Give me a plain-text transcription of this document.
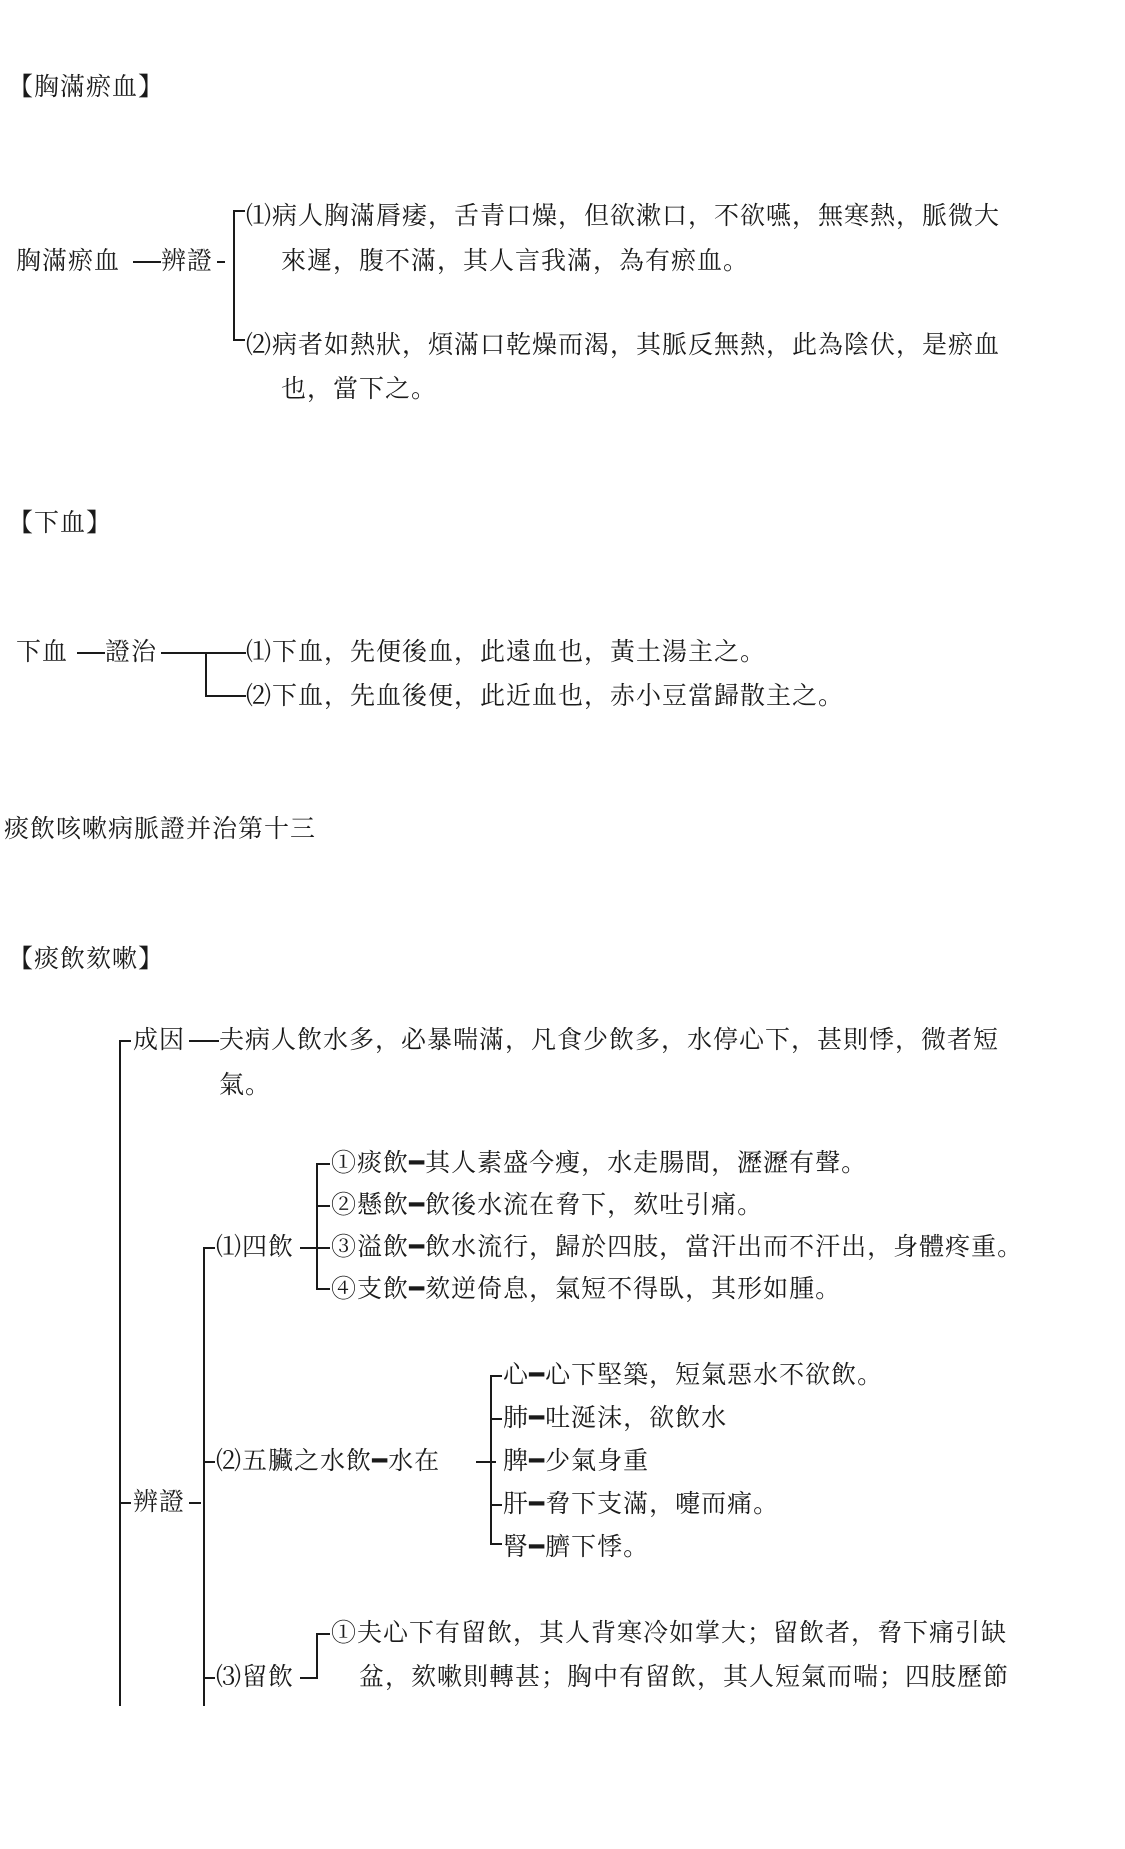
【胸滿瘀血】
胸滿瘀血 辨證
⑴病人胸滿脣痿，舌青口燥，但欲漱口，不欲嚥，無寒熱，脈微大
來遲，腹不滿，其人言我滿，為有瘀血。
⑵病者如熱狀，煩滿口乾燥而渴，其脈反無熱，此為陰伏，是瘀血
也，當下之。
【下血】
下血 證治	⑴下血，先便後血，此遠血也，黃土湯主之。
⑵下血，先血後便，此近血也，赤小豆當歸散主之。
痰飲咳嗽病脈證并治第十三
【痰飲欬嗽】
成因 夫病人飲水多，必暴喘滿，凡食少飲多，水停心下，甚則悸，微者短
氣。
辨證
⑴四飲
①痰飲━其人素盛今瘦，水走腸間，瀝瀝有聲。
②懸飲━飲後水流在脅下，欬吐引痛。
③溢飲━飲水流行，歸於四肢，當汗出而不汗出，身體疼重。
④支飲━欬逆倚息，氣短不得臥，其形如腫。
⑵五臟之水飲━水在
心━心下堅築，短氣惡水不欲飲。
肺━吐涎沫，欲飲水
脾━少氣身重
肝━脅下支滿，嚏而痛。
腎━臍下悸。
⑶留飲
①夫心下有留飲，其人背寒冷如掌大；留飲者，脅下痛引缺
盆，欬嗽則轉甚；胸中有留飲，其人短氣而喘；四肢歷節
